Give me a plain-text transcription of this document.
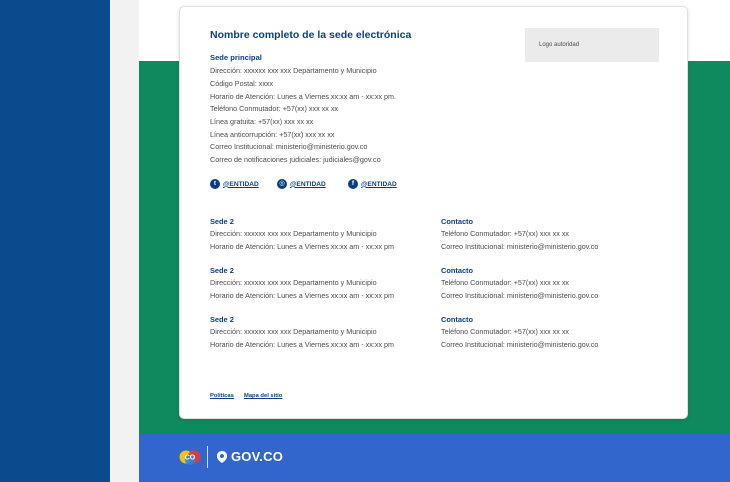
Nombre completo de la sede electrónica
Logo autoridad
Sede principal
Dirección: xxxxxx xxx xxx Departamento y Municipio
Código Postal: xxxx
Horario de Atención: Lunes a Viernes xx:xx am - xx:xx pm.
Teléfono Conmutador: +57(xx) xxx xx xx
Línea gratuita: +57(xx) xxx xx xx
Línea anticorrupción: +57(xx) xxx xx xx
Correo Institucional: ministerio@ministerio.gov.co
Correo de notificaciones judiciales: judiciales@gov.co
t	@ENTIDAD	◎ @ENTIDAD	f	@ENTIDAD
Sede 2
Dirección: xxxxxx xxx xxx Departamento y Municipio
Horario de Atención: Lunes a Viernes xx:xx am - xx:xx pm
Contacto
Teléfono Conmutador: +57(xx) xxx xx xx
Correo Institucional: ministerio@ministerio.gov.co
Sede 2
Dirección: xxxxxx xxx xxx Departamento y Municipio
Horario de Atención: Lunes a Viernes xx:xx am - xx:xx pm
Contacto
Teléfono Conmutador: +57(xx) xxx xx xx
Correo Institucional: ministerio@ministerio.gov.co
Sede 2
Dirección: xxxxxx xxx xxx Departamento y Municipio
Horario de Atención: Lunes a Viernes xx:xx am - xx:xx pm
Contacto
Teléfono Conmutador: +57(xx) xxx xx xx
Correo Institucional: ministerio@ministerio.gov.co
Políticas Mapa del sitio
CO	GOV.CO
